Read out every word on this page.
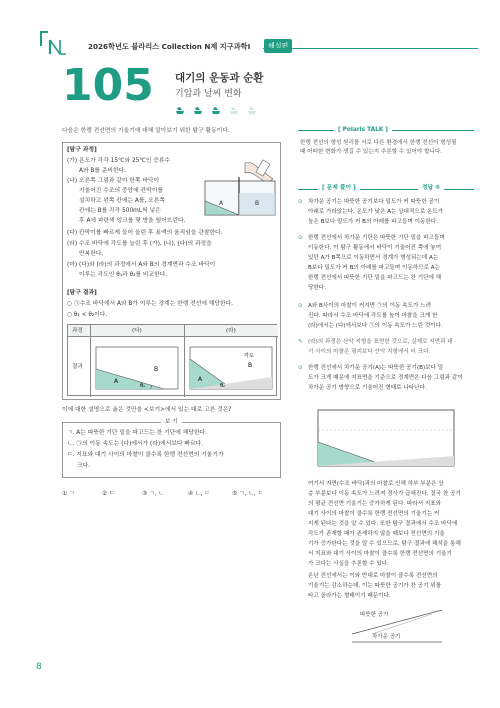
2026학년도 블라리스 Collection N제 지구과학Ⅰ	해설편
105 대기의 운동과 순환
기압과 날씨 변화
다음은 한랭 전선면의 기울기에 대해 알아보기 위한 탐구 활동이다.
[탐구 과정]
(가) 온도가 각각 15℃와 25℃인 증류수
A와 B를 준비한다.
(나) 오른쪽 그림과 같이 한쪽 바닥이
기울어진 수조의 중앙에 칸막이를
설치하고 왼쪽 칸에는 A를, 오른쪽
칸에는 B를 각각 500mL씩 넣은
후 A에 파란색 잉크를 몇 방울 떨어뜨린다.
(다) 칸막이를 빠르게 들어 올린 후 용액의 움직임을 관찰한다.
(라) 수조 바닥에 각도를 늘린 후 (가), (나), (다)의 과정을
반복한다.
(마) (다)와 (라)의 과정에서 A와 B의 경계면과 수조 바닥이
이루는 각도인 θ₁과 θ₂를 비교한다.
A	B
[탐구 결과]
○ ㉠수조 바닥에서 A와 B가 이루는 경계는 한랭 전선에 해당한다.
○ θ₁ < θ₂이다.
과정	(다)	(라)
결과
A
B
θ₁
A
B
각도
θ₂
이에 대한 설명으로 옳은 것만을 <보기>에서 있는 대로 고른 것은?
보 기
ㄱ. A는 따뜻한 기단 밑을 파고드는 찬 기단에 해당한다.
ㄴ. ㉠의 이동 속도는 (다)에서가 (라)에서보다 빠르다.
ㄷ. 지표와 대기 사이의 마찰이 클수록 한랭 전선면의 기울기가
크다.
① ㄱ	② ㄷ	③ ㄱ, ㄴ	④ ㄴ, ㄷ	⑤ ㄱ, ㄴ, ㄷ
[ Polaris TALK ]
한랭 전선의 형성 원리를 서로 다른 환경에서 한랭 전선이 형성될
때 어떠한 변화가 생길 수 있는지 추론할 수 있어야 합니다.
[ 문제 풀이 ]	정답 ⑤
⊙ 차가운 공기는 따뜻한 공기보다 밀도가 커 따뜻한 공기
아래로 가라앉는다. 온도가 낮은 A는 상대적으로 온도가
높은 B보다 밀도가 커 B의 아래를 파고들며 이동한다.
⊙ 한랭 전선에서 차가운 기단은 따뜻한 기단 밑을 파고들며
이동한다. 이 탐구 활동에서 바닥이 기울어진 쪽에 놓여
있던 A가 B쪽으로 이동하면서 경계가 형성되는데 A는
B보다 밀도가 커 B의 아래를 파고들며 이동하므로 A는
한랭 전선에서 따뜻한 기단 밑을 파고드는 찬 기단에 해
당한다.
⊙ A와 B사이의 마찰이 커지면 ㉠의 이동 속도가 느려
진다. 따라서 수조 바닥에 각도를 높여 마찰을 크게 한
(라)에서는 (다)에서보다 ㉠의 이동 속도가 느린 것이다.
✎ (라)의 과정은 산악 지형을 표현한 것으로, 실제로 지면과 대
기 사이의 마찰은 평지보다 산악 지형에서 더 크다.
⊙ 한랭 전선에서 차가운 공기(A)는 따뜻한 공기(B)보다 밀
도가 크게 때문에 지표면을 기준으로 경계면은 다음 그림과 같이
차가운 공기 방향으로 기울어진 형태로 나타난다.
여기서 지면(수조 바닥)과의 마찰로 인해 하부 부분은 상
층 부분보다 이동 속도가 느려져 경사가 급해진다. 결국 찬 공기
의 평균 전선면 기울기는 증가하게 된다. 따라서 지표와
대기 사이의 마찰이 클수록 한랭 전선면의 기울기는 커
지게 된다는 것을 알 수 있다. 또한 탐구 결과에서 수조 바닥에
각도가 존재할 때가 존재하지 않을 때보다 전선면의 기울
기가 증가한다는 것을 알 수 있으므로, 탐구 결과에 해석을 통해
서 지표와 대기 사이의 마찰이 클수록 한랭 전선면의 기울기
가 크다는 사실을 추론할 수 있다.
온난 전선에서는 이와 반대로 마찰이 클수록 전선면의
기울기는 감소하는데, 이는 따뜻한 공기가 찬 공기 위를
타고 올라가는 형태이기 때문이다.
따뜻한 공기
차가운 공기
8
